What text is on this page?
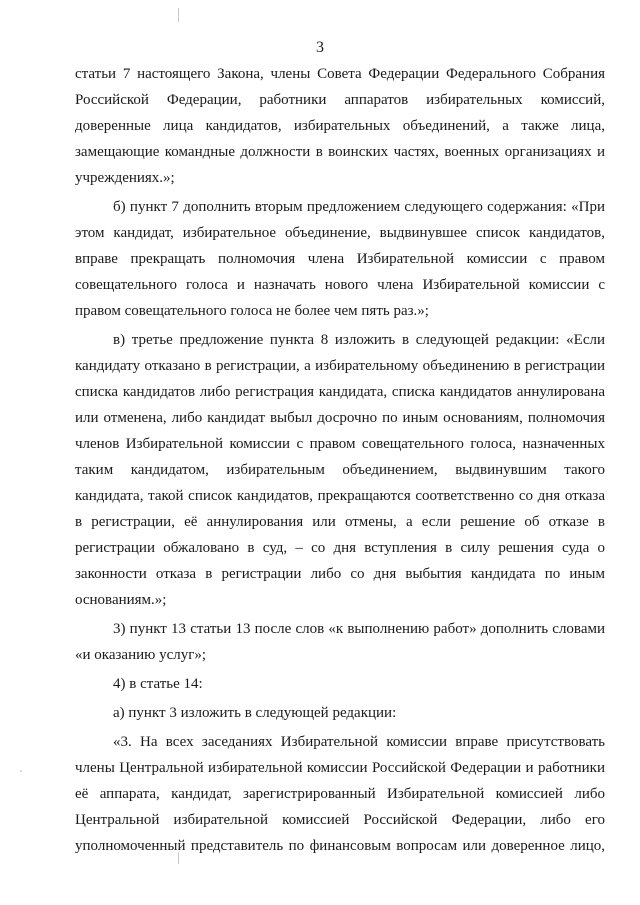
3
статьи 7 настоящего Закона, члены Совета Федерации Федерального Собрания
Российской Федерации, работники аппаратов избирательных комиссий,
доверенные лица кандидатов, избирательных объединений, а также лица,
замещающие командные должности в воинских частях, военных организациях и
учреждениях.»;
б) пункт 7 дополнить вторым предложением следующего содержания: «При
этом кандидат, избирательное объединение, выдвинувшее список кандидатов,
вправе прекращать полномочия члена Избирательной комиссии с правом
совещательного голоса и назначать нового члена Избирательной комиссии с
правом совещательного голоса не более чем пять раз.»;
в) третье предложение пункта 8 изложить в следующей редакции: «Если
кандидату отказано в регистрации, а избирательному объединению в регистрации
списка кандидатов либо регистрация кандидата, списка кандидатов аннулирована
или отменена, либо кандидат выбыл досрочно по иным основаниям, полномочия
членов Избирательной комиссии с правом совещательного голоса, назначенных
таким кандидатом, избирательным объединением, выдвинувшим такого
кандидата, такой список кандидатов, прекращаются соответственно со дня отказа
в регистрации, её аннулирования или отмены, а если решение об отказе в
регистрации обжаловано в суд, – со дня вступления в силу решения суда о
законности отказа в регистрации либо со дня выбытия кандидата по иным
основаниям.»;
3) пункт 13 статьи 13 после слов «к выполнению работ» дополнить словами
«и оказанию услуг»;
4) в статье 14:
а) пункт 3 изложить в следующей редакции:
«3. На всех заседаниях Избирательной комиссии вправе присутствовать
члены Центральной избирательной комиссии Российской Федерации и работники
её аппарата, кандидат, зарегистрированный Избирательной комиссией либо
Центральной избирательной комиссией Российской Федерации, либо его
уполномоченный представитель по финансовым вопросам или доверенное лицо,
